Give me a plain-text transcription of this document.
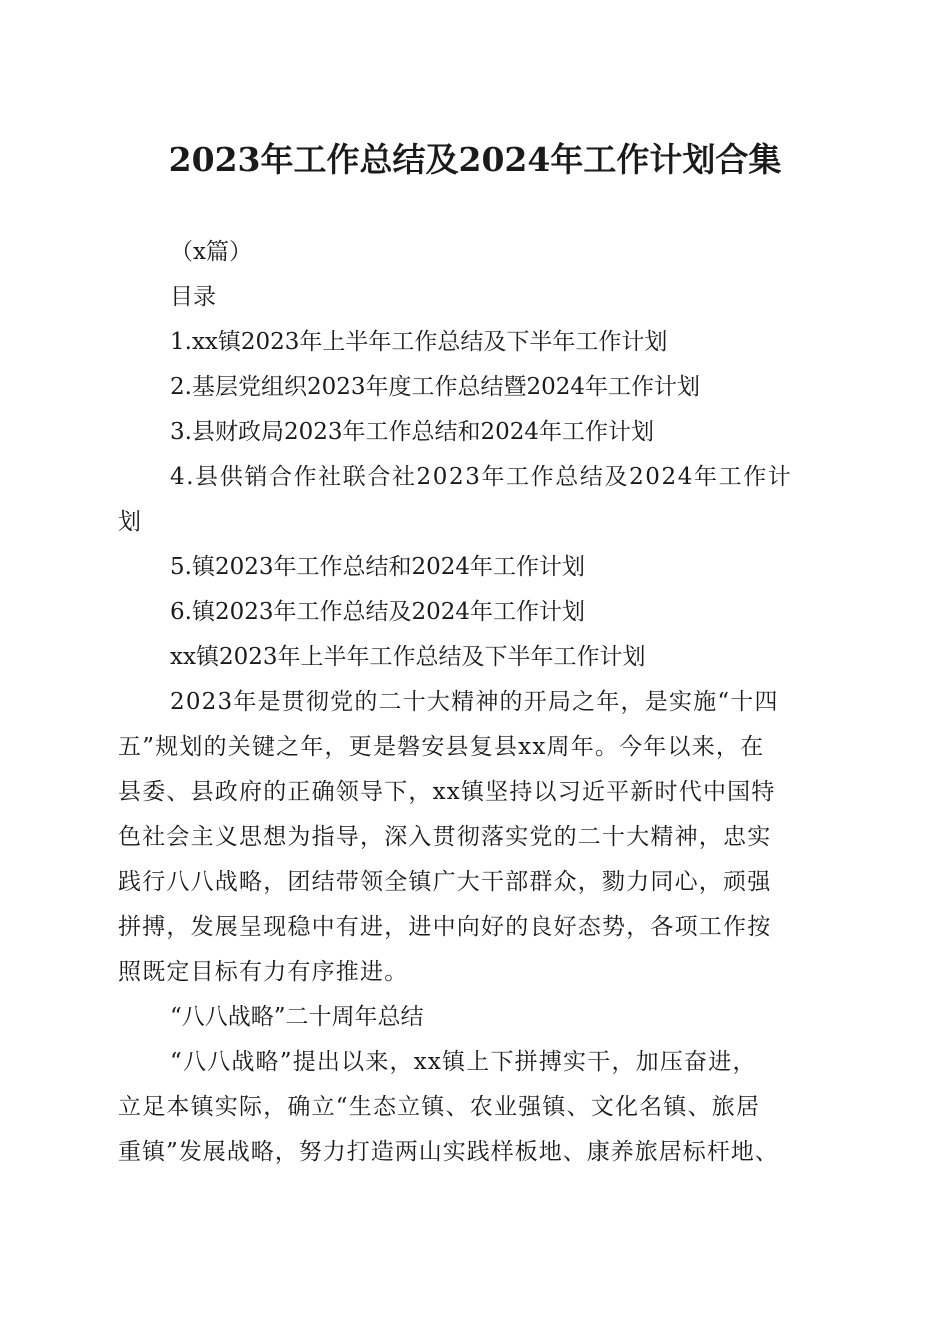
2023年工作总结及2024年工作计划合集
（x篇）
目录
1.xx镇2023年上半年工作总结及下半年工作计划
2.基层党组织2023年度工作总结暨2024年工作计划
3.县财政局2023年工作总结和2024年工作计划
4.县供销合作社联合社2023年工作总结及2024年工作计
划
5.镇2023年工作总结和2024年工作计划
6.镇2023年工作总结及2024年工作计划
xx镇2023年上半年工作总结及下半年工作计划
2023年是贯彻党的二十大精神的开局之年，是实施“十四
五”规划的关键之年，更是磐安县复县xx周年。今年以来，在
县委、县政府的正确领导下，xx镇坚持以习近平新时代中国特
色社会主义思想为指导，深入贯彻落实党的二十大精神，忠实
践行八八战略，团结带领全镇广大干部群众，勠力同心，顽强
拼搏，发展呈现稳中有进，进中向好的良好态势，各项工作按
照既定目标有力有序推进。
“八八战略”二十周年总结
“八八战略”提出以来，xx镇上下拼搏实干，加压奋进，
立足本镇实际，确立“生态立镇、农业强镇、文化名镇、旅居
重镇”发展战略，努力打造两山实践样板地、康养旅居标杆地、
